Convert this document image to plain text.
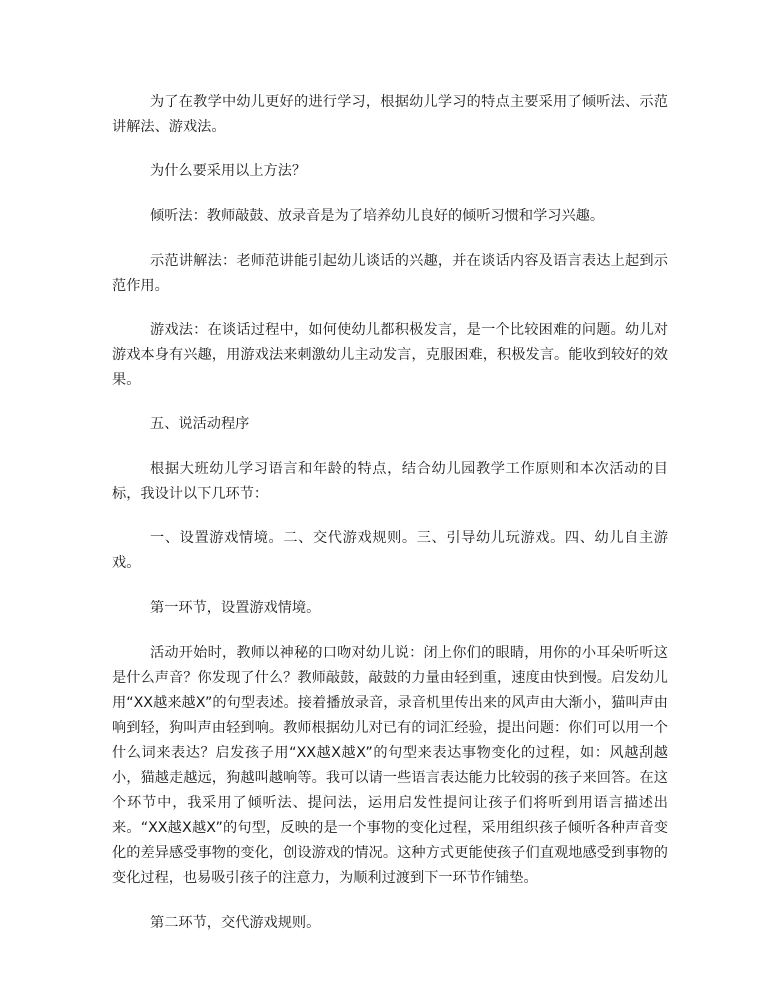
为了在教学中幼儿更好的进行学习，根据幼儿学习的特点主要采用了倾听法、示范讲解法、游戏法。

为什么要采用以上方法？

倾听法：教师敲鼓、放录音是为了培养幼儿良好的倾听习惯和学习兴趣。

示范讲解法：老师范讲能引起幼儿谈话的兴趣，并在谈话内容及语言表达上起到示范作用。

游戏法：在谈话过程中，如何使幼儿都积极发言，是一个比较困难的问题。幼儿对游戏本身有兴趣，用游戏法来刺激幼儿主动发言，克服困难，积极发言。能收到较好的效果。

五、说活动程序

根据大班幼儿学习语言和年龄的特点，结合幼儿园教学工作原则和本次活动的目标，我设计以下几环节：

一、设置游戏情境。二、交代游戏规则。三、引导幼儿玩游戏。四、幼儿自主游戏。

第一环节，设置游戏情境。

活动开始时，教师以神秘的口吻对幼儿说：闭上你们的眼睛，用你的小耳朵听听这是什么声音？你发现了什么？教师敲鼓，敲鼓的力量由轻到重，速度由快到慢。启发幼儿用“XX越来越X”的句型表述。接着播放录音，录音机里传出来的风声由大渐小，猫叫声由响到轻，狗叫声由轻到响。教师根据幼儿对已有的词汇经验，提出问题：你们可以用一个什么词来表达？启发孩子用“XX越X越X”的句型来表达事物变化的过程，如：风越刮越小，猫越走越远，狗越叫越响等。我可以请一些语言表达能力比较弱的孩子来回答。在这个环节中，我采用了倾听法、提问法，运用启发性提问让孩子们将听到用语言描述出来。“XX越X越X”的句型，反映的是一个事物的变化过程，采用组织孩子倾听各种声音变化的差异感受事物的变化，创设游戏的情况。这种方式更能使孩子们直观地感受到事物的变化过程，也易吸引孩子的注意力，为顺利过渡到下一环节作铺垫。

第二环节，交代游戏规则。
